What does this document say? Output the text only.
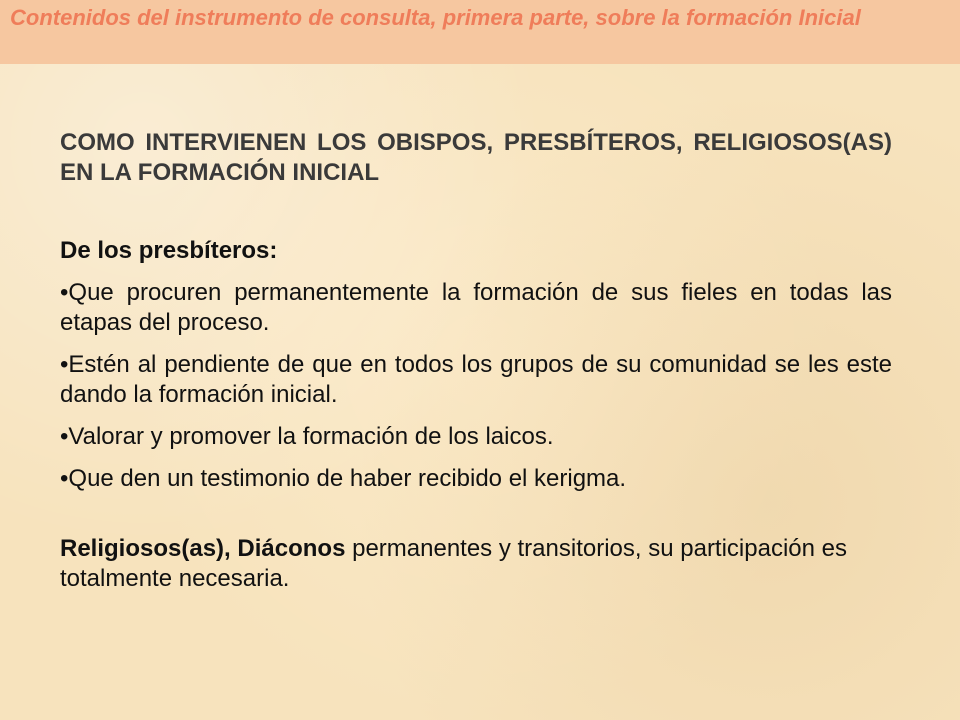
Contenidos del instrumento de consulta, primera parte, sobre la formación Inicial

COMO INTERVIENEN LOS OBISPOS, PRESBÍTEROS, RELIGIOSOS(AS) EN LA FORMACIÓN INICIAL

De los presbíteros:

•Que procuren permanentemente la formación de sus fieles en todas las etapas del proceso.
•Estén al pendiente de que en todos los grupos de su comunidad se les este dando la formación inicial.
•Valorar y promover la formación de los laicos.
•Que den un testimonio de haber recibido el kerigma.

Religiosos(as), Diáconos permanentes y transitorios, su participación es totalmente necesaria.
